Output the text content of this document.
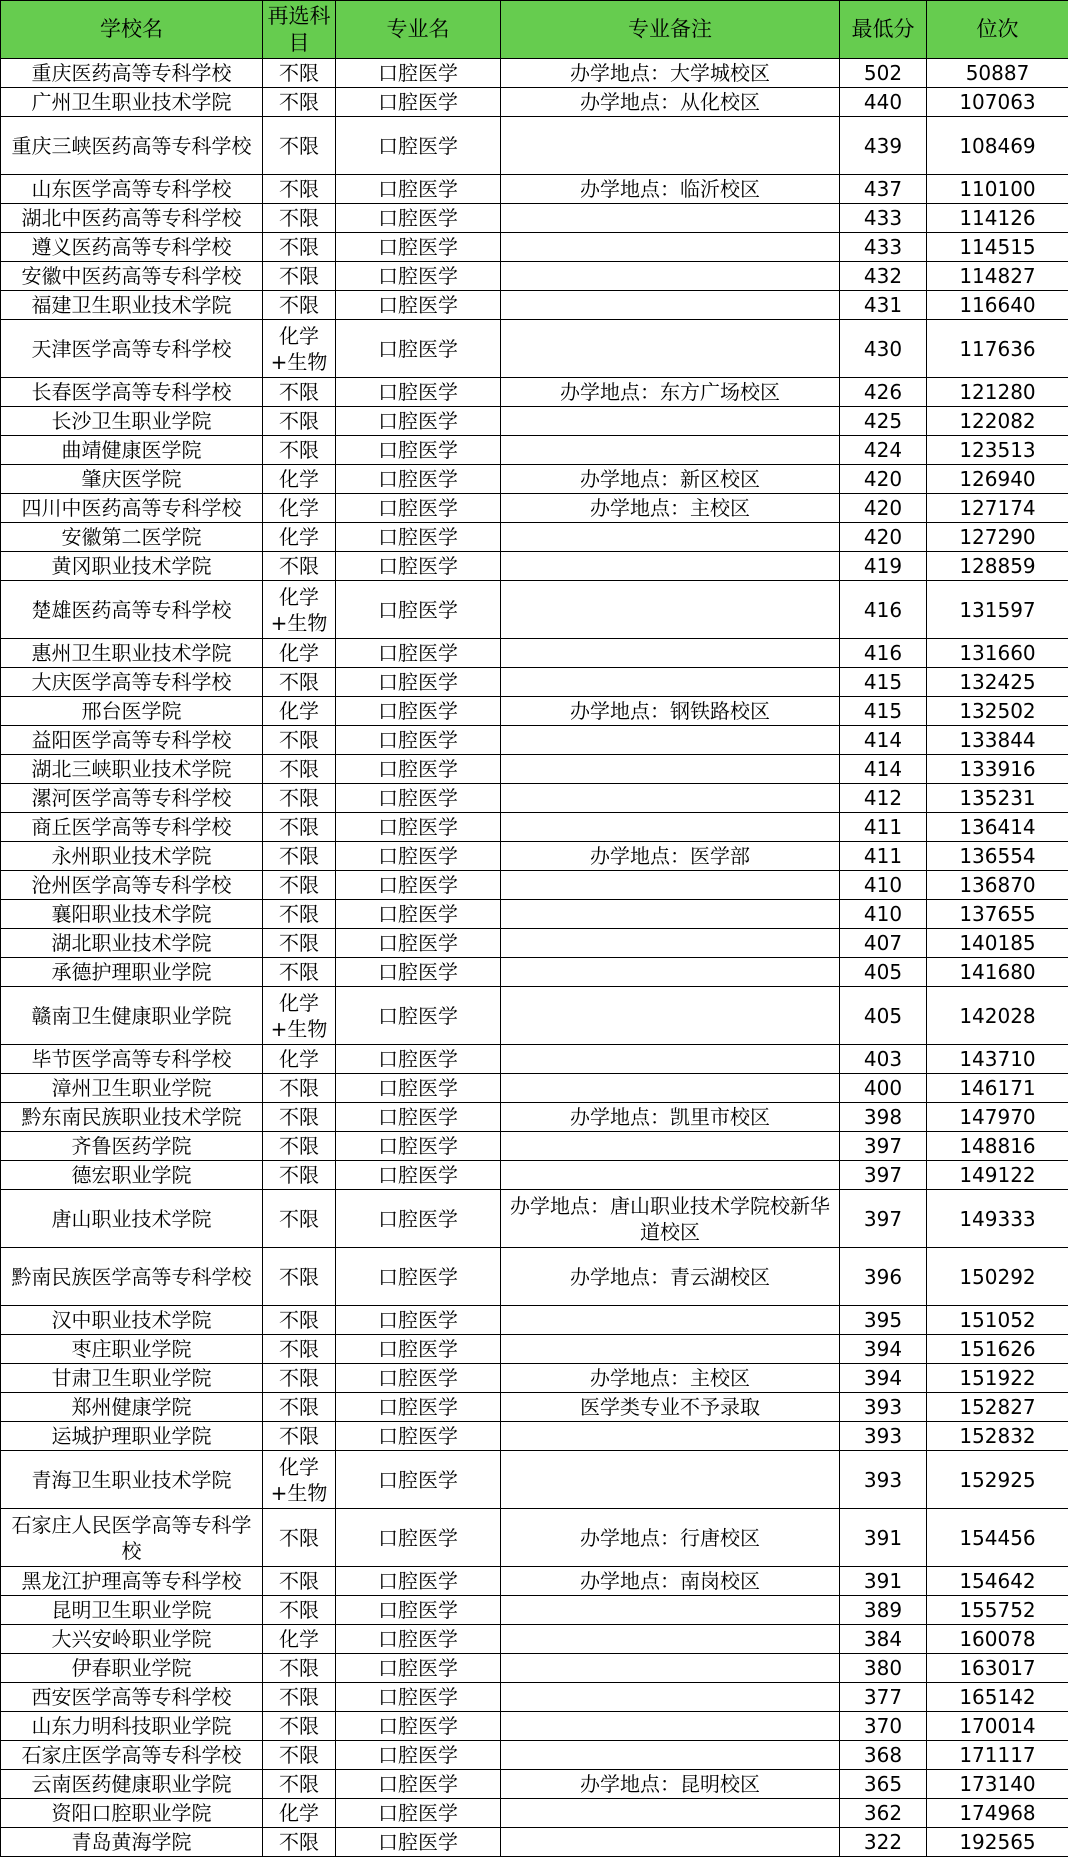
学校名	再选科目	专业名	专业备注	最低分	位次
重庆医药高等专科学校	不限	口腔医学	办学地点：大学城校区	502	50887
广州卫生职业技术学院	不限	口腔医学	办学地点：从化校区	440	107063
重庆三峡医药高等专科学校	不限	口腔医学		439	108469
山东医学高等专科学校	不限	口腔医学	办学地点：临沂校区	437	110100
湖北中医药高等专科学校	不限	口腔医学		433	114126
遵义医药高等专科学校	不限	口腔医学		433	114515
安徽中医药高等专科学校	不限	口腔医学		432	114827
福建卫生职业技术学院	不限	口腔医学		431	116640
天津医学高等专科学校	化学+生物	口腔医学		430	117636
长春医学高等专科学校	不限	口腔医学	办学地点：东方广场校区	426	121280
长沙卫生职业学院	不限	口腔医学		425	122082
曲靖健康医学院	不限	口腔医学		424	123513
肇庆医学院	化学	口腔医学	办学地点：新区校区	420	126940
四川中医药高等专科学校	化学	口腔医学	办学地点：主校区	420	127174
安徽第二医学院	化学	口腔医学		420	127290
黄冈职业技术学院	不限	口腔医学		419	128859
楚雄医药高等专科学校	化学+生物	口腔医学		416	131597
惠州卫生职业技术学院	化学	口腔医学		416	131660
大庆医学高等专科学校	不限	口腔医学		415	132425
邢台医学院	化学	口腔医学	办学地点：钢铁路校区	415	132502
益阳医学高等专科学校	不限	口腔医学		414	133844
湖北三峡职业技术学院	不限	口腔医学		414	133916
漯河医学高等专科学校	不限	口腔医学		412	135231
商丘医学高等专科学校	不限	口腔医学		411	136414
永州职业技术学院	不限	口腔医学	办学地点：医学部	411	136554
沧州医学高等专科学校	不限	口腔医学		410	136870
襄阳职业技术学院	不限	口腔医学		410	137655
湖北职业技术学院	不限	口腔医学		407	140185
承德护理职业学院	不限	口腔医学		405	141680
赣南卫生健康职业学院	化学+生物	口腔医学		405	142028
毕节医学高等专科学校	化学	口腔医学		403	143710
漳州卫生职业学院	不限	口腔医学		400	146171
黔东南民族职业技术学院	不限	口腔医学	办学地点：凯里市校区	398	147970
齐鲁医药学院	不限	口腔医学		397	148816
德宏职业学院	不限	口腔医学		397	149122
唐山职业技术学院	不限	口腔医学	办学地点：唐山职业技术学院校新华道校区	397	149333
黔南民族医学高等专科学校	不限	口腔医学	办学地点：青云湖校区	396	150292
汉中职业技术学院	不限	口腔医学		395	151052
枣庄职业学院	不限	口腔医学		394	151626
甘肃卫生职业学院	不限	口腔医学	办学地点：主校区	394	151922
郑州健康学院	不限	口腔医学	医学类专业不予录取	393	152827
运城护理职业学院	不限	口腔医学		393	152832
青海卫生职业技术学院	化学+生物	口腔医学		393	152925
石家庄人民医学高等专科学校	不限	口腔医学	办学地点：行唐校区	391	154456
黑龙江护理高等专科学校	不限	口腔医学	办学地点：南岗校区	391	154642
昆明卫生职业学院	不限	口腔医学		389	155752
大兴安岭职业学院	化学	口腔医学		384	160078
伊春职业学院	不限	口腔医学		380	163017
西安医学高等专科学校	不限	口腔医学		377	165142
山东力明科技职业学院	不限	口腔医学		370	170014
石家庄医学高等专科学校	不限	口腔医学		368	171117
云南医药健康职业学院	不限	口腔医学	办学地点：昆明校区	365	173140
资阳口腔职业学院	化学	口腔医学		362	174968
青岛黄海学院	不限	口腔医学		322	192565
